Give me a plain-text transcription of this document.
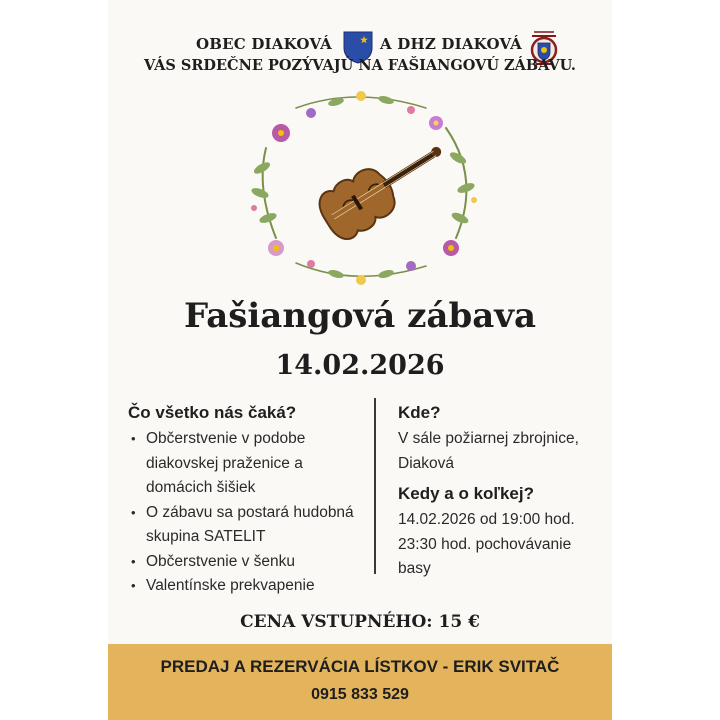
OBEC DIAKOVÁ	A DHZ DIAKOVÁ
VÁS SRDEČNE POZÝVAJÚ NA FAŠIANGOVÚ ZÁBAVU.
Fašiangová zábava
14.02.2026
Čo všetko nás čaká?
• Občerstvenie v podobe diakovskej praženice a domácich šišiek
• O zábavu sa postará hudobná skupina SATELIT
• Občerstvenie v šenku
• Valentínske prekvapenie
Kde?

V sále požiarnej zbrojnice, Diaková

Kedy a o koľkej?

14.02.2026 od 19:00 hod. 23:30 hod. pochovávanie basy

CENA VSTUPNÉHO: 15 €
PREDAJ A REZERVÁCIA LÍSTKOV - ERIK SVITAČ
0915 833 529
